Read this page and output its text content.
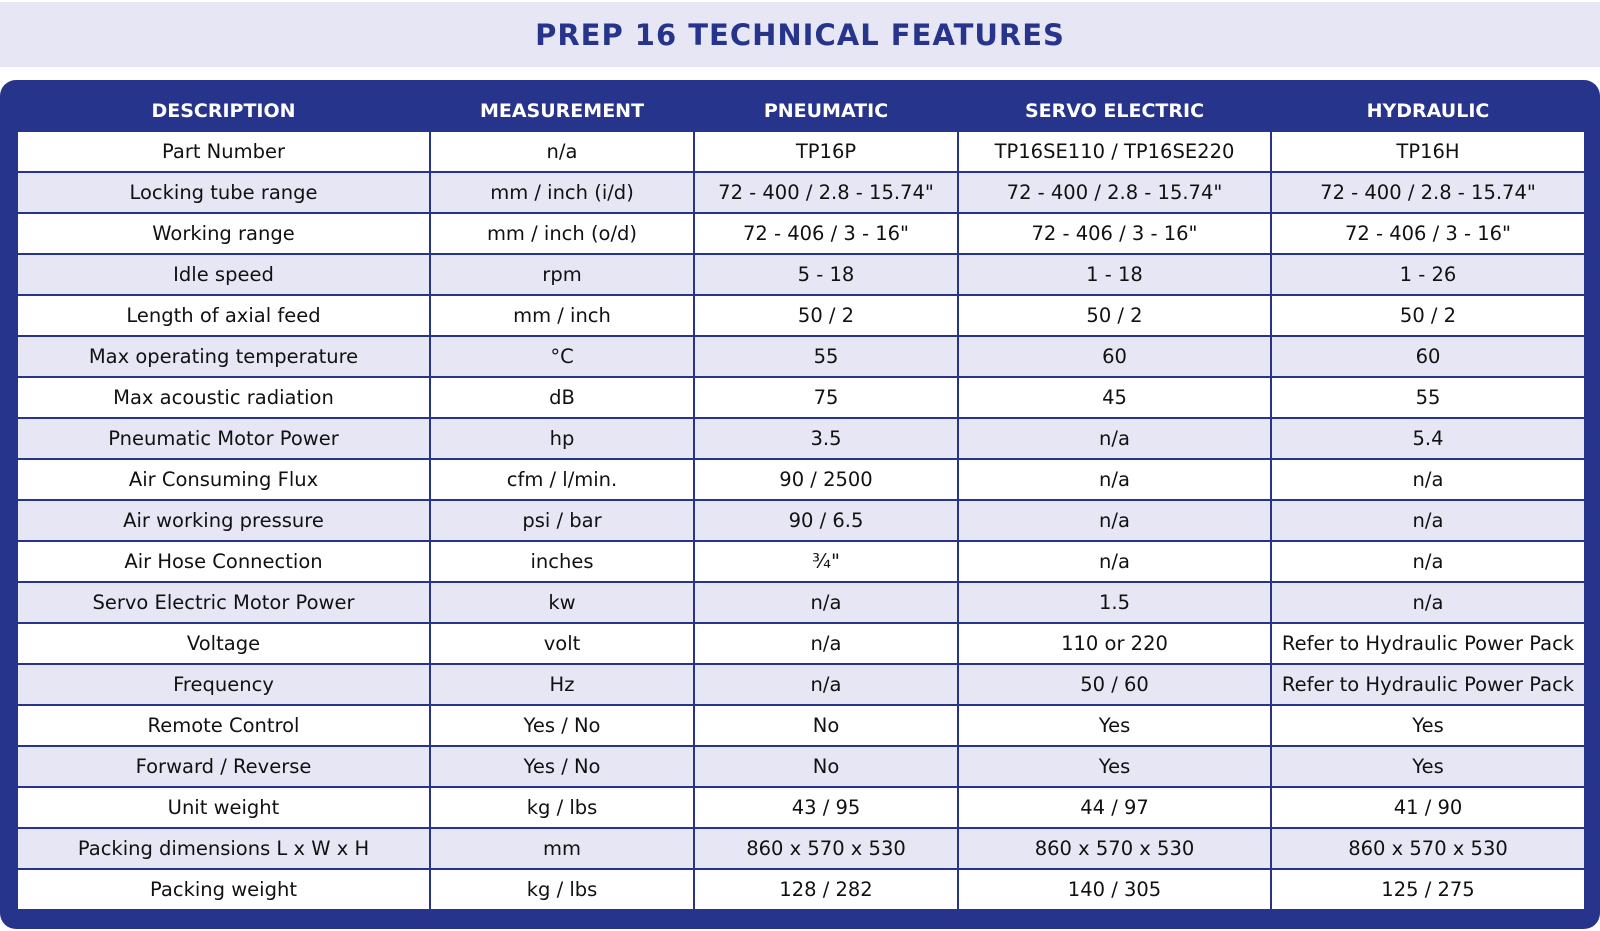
PREP 16 TECHNICAL FEATURES
DESCRIPTION	MEASUREMENT	PNEUMATIC	SERVO ELECTRIC	HYDRAULIC
Part Number	n/a	TP16P	TP16SE110 / TP16SE220	TP16H
Locking tube range	mm / inch (i/d)	72 - 400 / 2.8 - 15.74"	72 - 400 / 2.8 - 15.74"	72 - 400 / 2.8 - 15.74"
Working range	mm / inch (o/d)	72 - 406 / 3 - 16"	72 - 406 / 3 - 16"	72 - 406 / 3 - 16"
Idle speed	rpm	5 - 18	1 - 18	1 - 26
Length of axial feed	mm / inch	50 / 2	50 / 2	50 / 2
Max operating temperature	°C	55	60	60
Max acoustic radiation	dB	75	45	55
Pneumatic Motor Power	hp	3.5	n/a	5.4
Air Consuming Flux	cfm / l/min.	90 / 2500	n/a	n/a
Air working pressure	psi / bar	90 / 6.5	n/a	n/a
Air Hose Connection	inches	¾"	n/a	n/a
Servo Electric Motor Power	kw	n/a	1.5	n/a
Voltage	volt	n/a	110 or 220	Refer to Hydraulic Power Pack
Frequency	Hz	n/a	50 / 60	Refer to Hydraulic Power Pack
Remote Control	Yes / No	No	Yes	Yes
Forward / Reverse	Yes / No	No	Yes	Yes
Unit weight	kg / lbs	43 / 95	44 / 97	41 / 90
Packing dimensions L x W x H	mm	860 x 570 x 530	860 x 570 x 530	860 x 570 x 530
Packing weight	kg / lbs	128 / 282	140 / 305	125 / 275
